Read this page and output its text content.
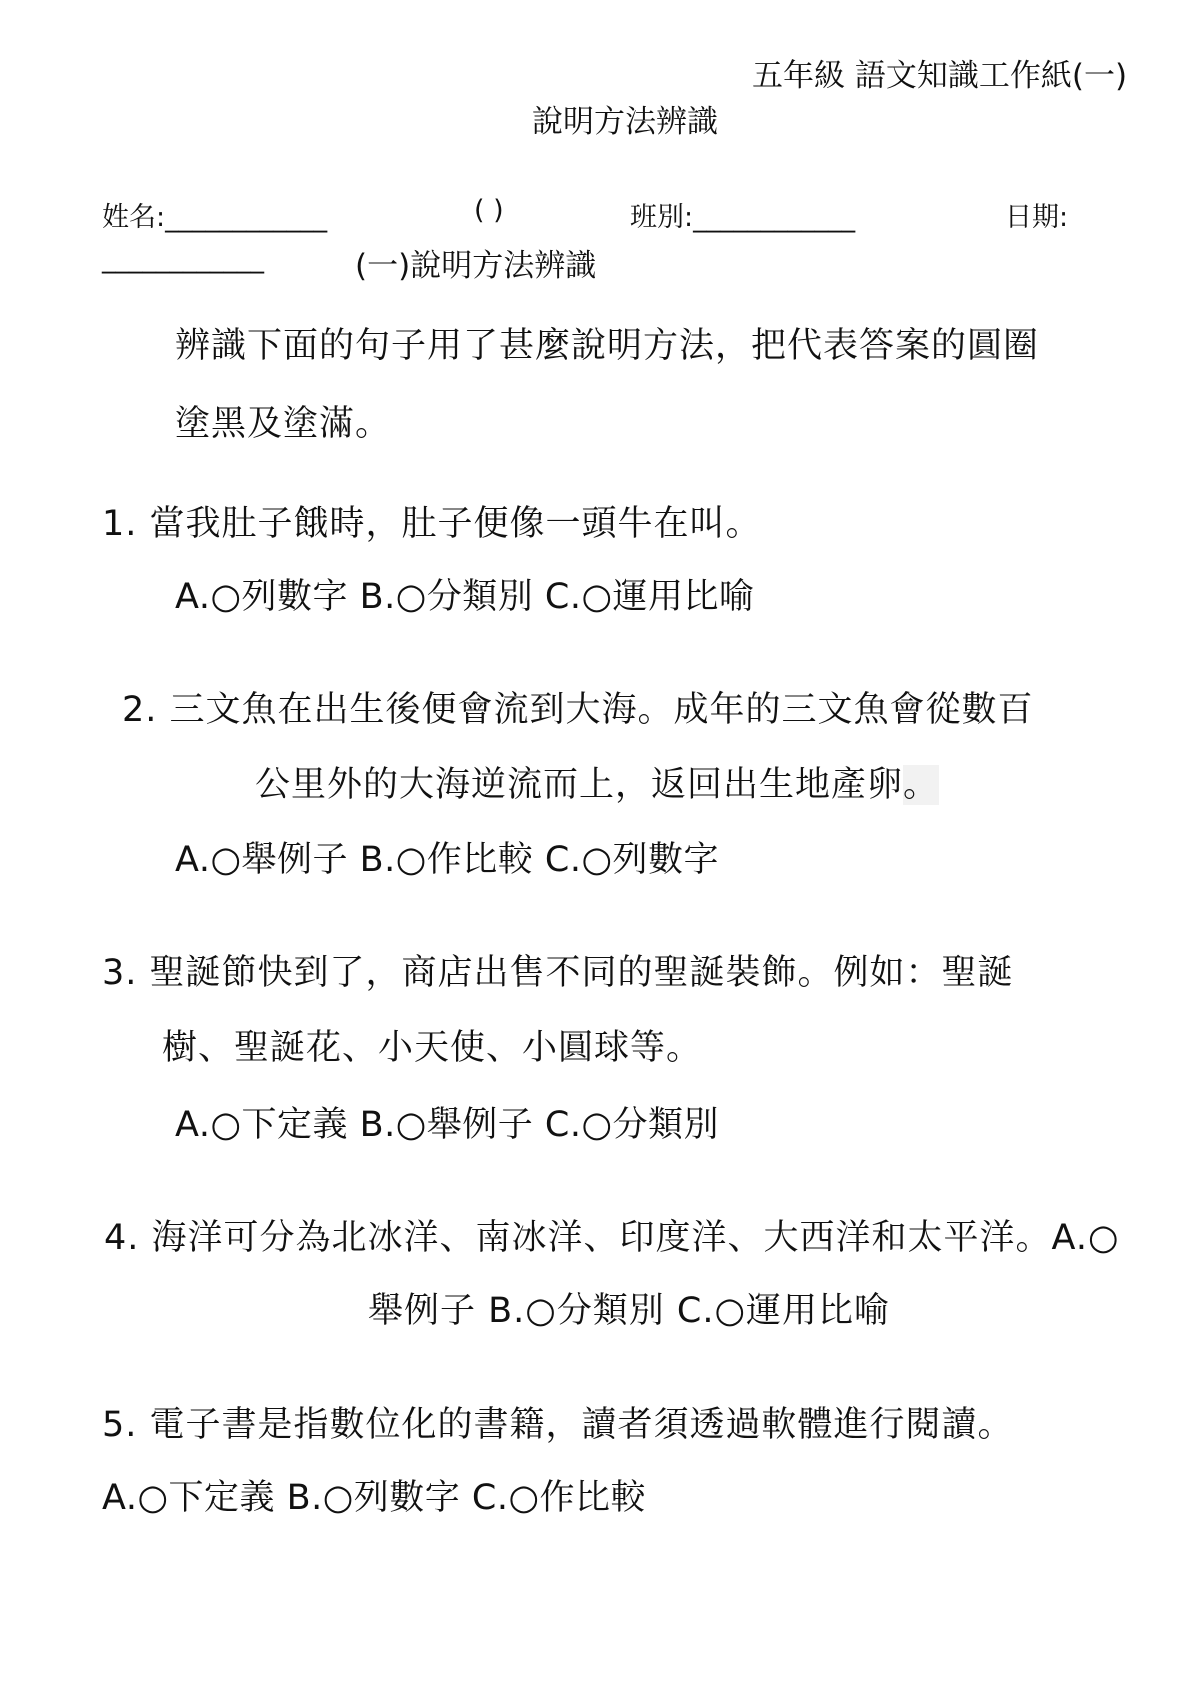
五年級 語文知識工作紙(一)
說明方法辨識
姓名:____________	( )	班別:____________	日期:
____________	(一)說明方法辨識
辨識下面的句子用了甚麼說明方法，把代表答案的圓圈
塗黑及塗滿。
1. 當我肚子餓時，肚子便像一頭牛在叫。
A.○列數字 B.○分類別 C.○運用比喻
2. 三文魚在出生後便會流到大海。成年的三文魚會從數百
公里外的大海逆流而上，返回出生地產卵。
A.○舉例子 B.○作比較 C.○列數字
3. 聖誕節快到了，商店出售不同的聖誕裝飾。例如：聖誕
樹、聖誕花、小天使、小圓球等。
A.○下定義 B.○舉例子 C.○分類別
4. 海洋可分為北冰洋、南冰洋、印度洋、大西洋和太平洋。A.○
舉例子 B.○分類別 C.○運用比喻
5. 電子書是指數位化的書籍，讀者須透過軟體進行閱讀。
A.○下定義 B.○列數字 C.○作比較
